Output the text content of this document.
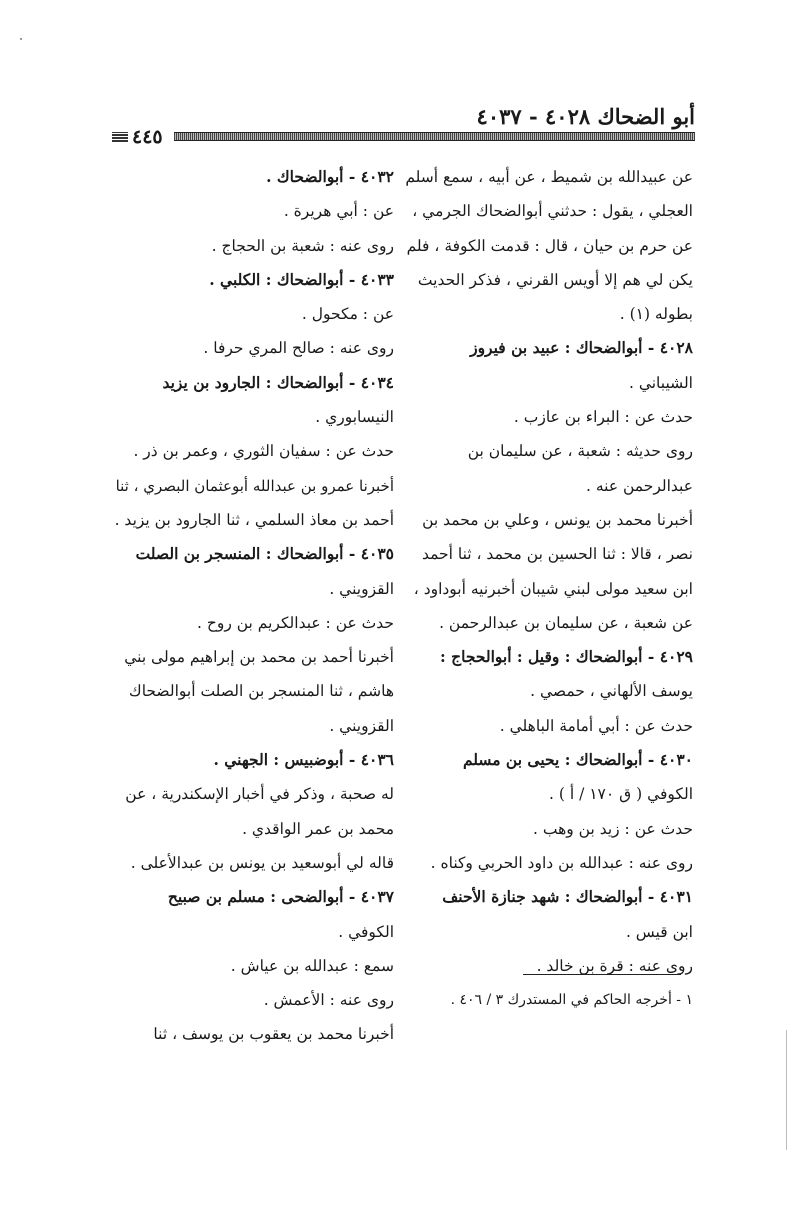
أبو الضحاك ٤٠٢٨ - ٤٠٣٧
٤٤٥
عن عبيدالله بن شميط ، عن أبيه ، سمع أسلم
العجلي ، يقول : حدثني أبوالضحاك الجرمي ،
عن حرم بن حيان ، قال : قدمت الكوفة ، فلم
يكن لي هم إلا أويس القرني ، فذكر الحديث
بطوله (١) .
٤٠٢٨ - أبوالضحاك : عبيد بن فيروز
الشيباني .
حدث عن : البراء بن عازب .
روى حديثه : شعبة ، عن سليمان بن
عبدالرحمن عنه .
أخبرنا محمد بن يونس ، وعلي بن محمد بن
نصر ، قالا : ثنا الحسين بن محمد ، ثنا أحمد
ابن سعيد مولى لبني شيبان أخبرنيه أبوداود ،
عن شعبة ، عن سليمان بن عبدالرحمن .
٤٠٢٩ - أبوالضحاك : وقيل : أبوالحجاج :
يوسف الألهاني ، حمصي .
حدث عن : أبي أمامة الباهلي .
٤٠٣٠ - أبوالضحاك : يحيى بن مسلم
الكوفي ( ق ١٧٠ / أ ) .
حدث عن : زيد بن وهب .
روى عنه : عبدالله بن داود الحربي وكناه .
٤٠٣١ - أبوالضحاك : شهد جنازة الأحنف
ابن قيس .
روى عنه : قرة بن خالد .
٤٠٣٢ - أبوالضحاك .
عن : أبي هريرة .
روى عنه : شعبة بن الحجاج .
٤٠٣٣ - أبوالضحاك : الكلبي .
عن : مكحول .
روى عنه : صالح المري حرفا .
٤٠٣٤ - أبوالضحاك : الجارود بن يزيد
النيسابوري .
حدث عن : سفيان الثوري ، وعمر بن ذر .
أخبرنا عمرو بن عبدالله أبوعثمان البصري ، ثنا
أحمد بن معاذ السلمي ، ثنا الجارود بن يزيد .
٤٠٣٥ - أبوالضحاك : المنسجر بن الصلت
القزويني .
حدث عن : عبدالكريم بن روح .
أخبرنا أحمد بن محمد بن إبراهيم مولى بني
هاشم ، ثنا المنسجر بن الصلت أبوالضحاك
القزويني .
٤٠٣٦ - أبوضبيس : الجهني .
له صحبة ، وذكر في أخبار الإسكندرية ، عن
محمد بن عمر الواقدي .
قاله لي أبوسعيد بن يونس بن عبدالأعلى .
٤٠٣٧ - أبوالضحى : مسلم بن صبيح
الكوفي .
سمع : عبدالله بن عياش .
روى عنه : الأعمش .
أخبرنا محمد بن يعقوب بن يوسف ، ثنا
١ - أخرجه الحاكم في المستدرك ٣ / ٤٠٦ .
